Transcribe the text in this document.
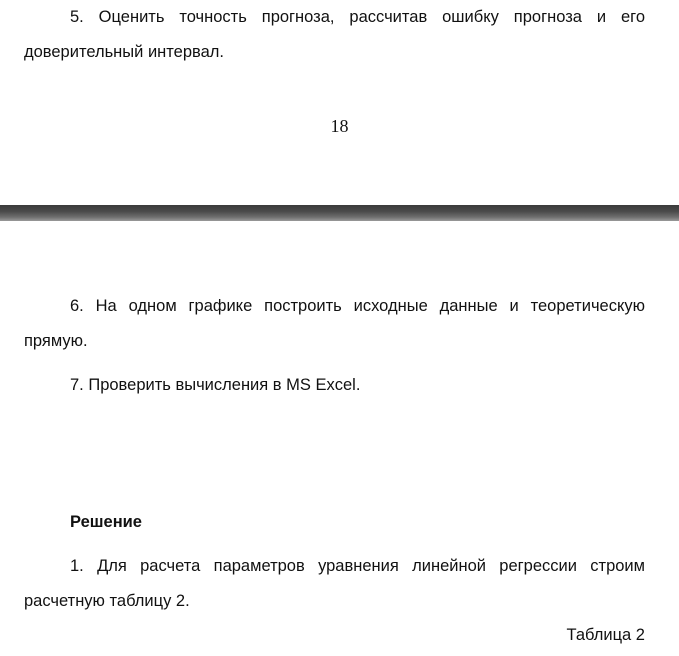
5. Оценить точность прогноза, рассчитав ошибку прогноза и его
доверительный интервал.
18
6. На одном графике построить исходные данные и теоретическую
прямую.
7. Проверить вычисления в MS Excel.
Решение
1. Для расчета параметров уравнения линейной регрессии строим
расчетную таблицу 2.
Таблица 2
